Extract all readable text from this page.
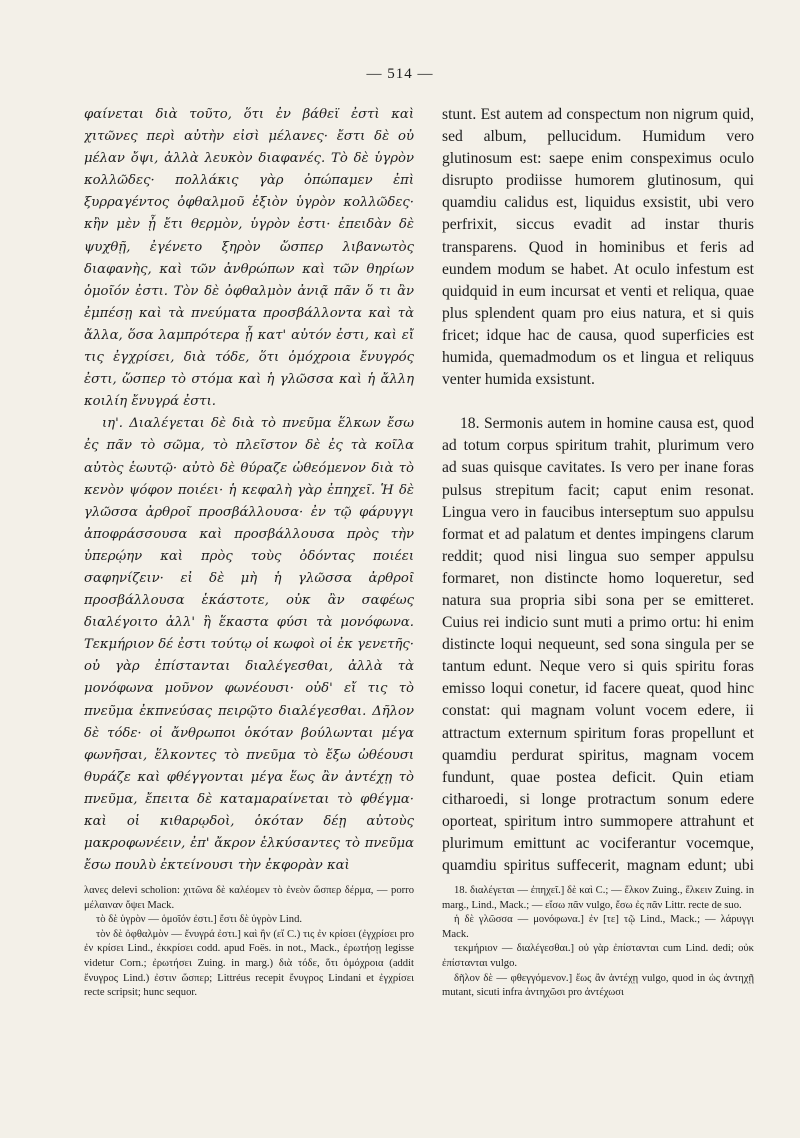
— 514 —

φαίνεται διὰ τοῦτο, ὅτι ἐν βάθεϊ ἐστὶ καὶ χιτῶνες περὶ αὐτὴν εἰσὶ μέλανες· ἔστι δὲ οὐ μέλαν ὄψι, ἀλλὰ λευκὸν διαφανές. Τὸ δὲ ὑγρὸν κολλῶδες· πολλάκις γὰρ ὀπώπαμεν ἐπὶ ξυρραγέντος ὀφθαλμοῦ ἐξιὸν ὑγρὸν κολλῶδες· κἢν μὲν ᾖ ἔτι θερμὸν, ὑγρὸν ἐστι· ἐπειδὰν δὲ ψυχθῇ, ἐγένετο ξηρὸν ὥσπερ λιβανωτὸς διαφανὴς, καὶ τῶν ἀνθρώπων καὶ τῶν θηρίων ὁμοῖόν ἐστι. Τὸν δὲ ὀφθαλμὸν ἀνιᾷ πᾶν ὅ τι ἂν ἐμπέσῃ καὶ τὰ πνεύματα προσβάλλοντα καὶ τὰ ἄλλα, ὅσα λαμπρότερα ᾖ κατ' αὐτόν ἐστι, καὶ εἴ τις ἐγχρίσει, διὰ τόδε, ὅτι ὁμόχροια ἔνυγρός ἐστι, ὥσπερ τὸ στόμα καὶ ἡ γλῶσσα καὶ ἡ ἄλλη κοιλίη ἔνυγρά ἐστι.

ιη'. Διαλέγεται δὲ διὰ τὸ πνεῦμα ἕλκων ἔσω ἐς πᾶν τὸ σῶμα, τὸ πλεῖστον δὲ ἐς τὰ κοῖλα αὐτὸς ἑωυτῷ· αὐτὸ δὲ θύραζε ὠθεόμενον διὰ τὸ κενὸν ψόφον ποιέει· ἡ κεφαλὴ γὰρ ἐπηχεῖ. Ἡ δὲ γλῶσσα ἀρθροῖ προσβάλλουσα· ἐν τῷ φάρυγγι ἀποφράσσουσα καὶ προσβάλλουσα πρὸς τὴν ὑπερῴην καὶ πρὸς τοὺς ὀδόντας ποιέει σαφηνίζειν· εἰ δὲ μὴ ἡ γλῶσσα ἀρθροῖ προσβάλλουσα ἑκάστοτε, οὐκ ἂν σαφέως διαλέγοιτο ἀλλ' ἢ ἕκαστα φύσι τὰ μονόφωνα. Τεκμήριον δέ ἐστι τούτῳ οἱ κωφοὶ οἱ ἐκ γενετῆς· οὐ γὰρ ἐπίστανται διαλέγεσθαι, ἀλλὰ τὰ μονόφωνα μοῦνον φωνέουσι· οὐδ' εἴ τις τὸ πνεῦμα ἐκπνεύσας πειρῷτο διαλέγεσθαι. Δῆλον δὲ τόδε· οἱ ἄνθρωποι ὁκόταν βούλωνται μέγα φωνῆσαι, ἕλκοντες τὸ πνεῦμα τὸ ἔξω ὠθέουσι θυράζε καὶ φθέγγονται μέγα ἕως ἂν ἀντέχῃ τὸ πνεῦμα, ἔπειτα δὲ καταμαραίνεται τὸ φθέγμα· καὶ οἱ κιθαρῳδοὶ, ὁκόταν δέῃ αὐτοὺς μακροφωνέειν, ἐπ' ἄκρον ἑλκύσαντες τὸ πνεῦμα ἔσω πουλὺ ἐκτείνουσι τὴν ἐκφορὰν καὶ

stunt. Est autem ad conspectum non nigrum quid, sed album, pellucidum. Humidum vero glutinosum est: saepe enim conspeximus oculo disrupto prodiisse humorem glutinosum, qui quamdiu calidus est, liquidus exsistit, ubi vero perfrixit, siccus evadit ad instar thuris transparens. Quod in hominibus et feris ad eundem modum se habet. At oculo infestum est quidquid in eum incursat et venti et reliqua, quae plus splendent quam pro eius natura, et si quis fricet; idque hac de causa, quod superficies est humida, quemadmodum os et lingua et reliquus venter humida exsistunt.

18. Sermonis autem in homine causa est, quod ad totum corpus spiritum trahit, plurimum vero ad suas quisque cavitates. Is vero per inane foras pulsus strepitum facit; caput enim resonat. Lingua vero in faucibus interseptum suo appulsu format et ad palatum et dentes impingens clarum reddit; quod nisi lingua suo semper appulsu formaret, non distincte homo loqueretur, sed natura sua propria sibi sona per se emitteret. Cuius rei indicio sunt muti a primo ortu: hi enim distincte loqui nequeunt, sed sona singula per se tantum edunt. Neque vero si quis spiritu foras emisso loqui conetur, id facere queat, quod hinc constat: qui magnam volunt vocem edere, ii attractum externum spiritum foras propellunt et quamdiu perdurat spiritus, magnam vocem fundunt, quae postea deficit. Quin etiam citharoedi, si longe protractum sonum edere oporteat, spiritum intro summopere attrahunt et plurimum emittunt ac vociferantur vocemque, quamdiu spiritus suffecerit, magnam edunt; ubi

λανες delevi scholion: χιτῶνα δὲ καλέομεν τὸ ἐνεὸν ὥσπερ δέρμα, — porro μέλαιναν ὄψει Mack.

τὸ δὲ ὑγρὸν — ὁμοῖόν ἐστι.] ἔστι δὲ ὑγρὸν Lind.

τὸν δὲ ὀφθαλμὸν — ἔνυγρά ἐστι.] καὶ ἢν (εἴ C.) τις ἐν κρίσει (ἐγχρίσει pro ἐν κρίσει Lind., ἐκκρίσει codd. apud Foës. in not., Mack., ἐρωτήσῃ legisse videtur Corn.; ἐρωτήσει Zuing. in marg.) διὰ τόδε, ὅτι ὁμόχροια (addit ἔνυγρος Lind.) ἐστιν ὥσπερ; Littréus recepit ἔνυγρος Lindani et ἐγχρίσει recte scripsit; hunc sequor.

18. διαλέγεται — ἐπηχεῖ.] δὲ καὶ C.; — ἕλκον Zuing., ἕλκειν Zuing. in marg., Lind., Mack.; — εἴσω πᾶν vulgo, ἔσω ἐς πᾶν Littr. recte de suo.

ἡ δὲ γλῶσσα — μονόφωνα.] ἐν [τε] τῷ Lind., Mack.; — λάρυγγι Mack.

τεκμήριον — διαλέγεσθαι.] οὐ γὰρ ἐπίστανται cum Lind. dedi; οὐκ ἐπίστανται vulgo.

δῆλον δὲ — φθεγγόμενον.] ἔως ἂν ἀντέχῃ vulgo, quod in ὡς ἀντηχῇ mutant, sicuti infra ἀντηχῶσι pro ἀντέχωσι
